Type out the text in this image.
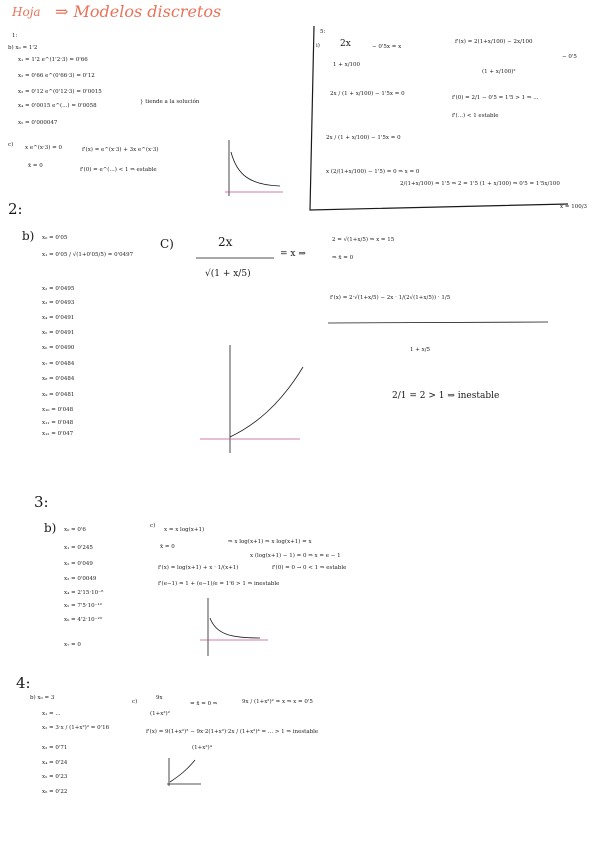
Hoja ⇒ Modelos discretos
1:
b) x₀ = 1'2
x₁ = 1'2 e^(1'2·3) = 0'66
x₂ = 0'66 e^(0'66·3) = 0'12
x₃ = 0'12 e^(0'12·3) = 0'0015
x₄ = 0'0015 e^(...) = 0'0058
x₅ = 0'000047
} tiende a la solución
c) x e^(x·3) = 0
x̄ = 0
f'(x) = e^(x·3) + 3x e^(x·3)
f'(0) = e^(...) < 1 ⇒ estable
5:
i) 2x
1 + x/100
− 0'5x = x
f'(x) = 2(1+x/100) − 2x/100
(1 + x/100)²
− 0'5
2x / (1 + x/100) − 1'5x = 0
f'(0) = 2/1 − 0'5 = 1'5 > 1 ⇒ ...
f'(...) < 1 estable
2x / (1 + x/100) − 1'5x = 0
x (2/(1+x/100) − 1'5) = 0 ⇒ x = 0
2/(1+x/100) = 1'5 ⇒ 2 = 1'5 (1 + x/100) ⇒ 0'5 = 1'5x/100
x̄ = 100/3
2:
b) x₀ = 0'05
x₁ = 0'05 / √(1+0'05/5) = 0'0497
x₂ = 0'0495
x₃ = 0'0493
x₄ = 0'0491
x₅ = 0'0491
x₆ = 0'0490
x₇ = 0'0484
x₈ = 0'0484
x₉ = 0'0481
x₁₀ = 0'048
x₁₁ = 0'048
x₁₂ = 0'047
C)	2x
√(1 + x/5)
= x ⇒
2 = √(1+x/5) ⇒ x = 15
⇒ x̄ = 0
f'(x) = 2·√(1+x/5) − 2x · 1/(2√(1+x/5)) · 1/5
1 + x/5
2/1 = 2 > 1 ⇒ inestable
3:
b) x₀ = 0'6
x₁ = 0'245
x₂ = 0'049
x₃ = 0'0049
x₄ = 2'15·10⁻⁶
x₅ = 7'5·10⁻¹²
x₆ = 4'2·10⁻²³
x₇ = 0
c)
x = x log(x+1)
x̄ = 0
⇒ x log(x+1) ⇒ x log(x+1) = x
x (log(x+1) − 1) = 0 ⇒ x = e − 1
f'(x) = log(x+1) + x · 1/(x+1)	f'(0) = 0 → 0 < 1 ⇒ estable
f'(e−1) = 1 + (e−1)/e = 1'6 > 1 ⇒ inestable
4:
b) x₀ = 3
x₁ = ...
x₂ = 3·x / (1+x²)² = 0'16
x₃ = 0'71
x₄ = 0'24
x₅ = 0'23
x₆ = 0'22
c)
9x
(1+x²)²
= x̄ = 0 ⇒	9x / (1+x²)² = x ⇒ x = 0'5
f'(x) = 9(1+x²)² − 9x·2(1+x²)·2x / (1+x²)⁴ = ... > 1 ⇒ inestable
(1+x²)⁴
